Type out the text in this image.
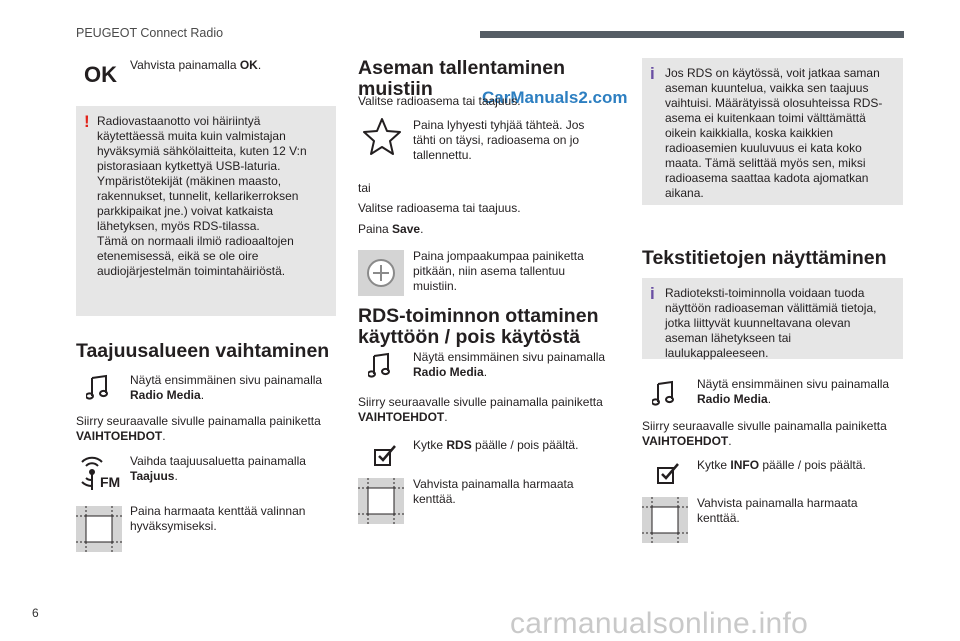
PEUGEOT Connect Radio
6
CarManuals2.com
carmanualsonline.info
OK Vahvista painamalla OK.
! Radiovastaanotto voi häiriintyä käytettäessä muita kuin valmistajan hyväksymiä sähkölaitteita, kuten 12 V:n pistorasiaan kytkettyä USB-laturia.
Ympäristötekijät (mäkinen maasto, rakennukset, tunnelit, kellarikerroksen parkkipaikat jne.) voivat katkaista lähetyksen, myös RDS-tilassa.
Tämä on normaali ilmiö radioaaltojen etenemisessä, eikä se ole oire audiojärjestelmän toimintahäiriöstä.
Taajuusalueen vaihtaminen
Näytä ensimmäinen sivu painamalla Radio Media.
Siirry seuraavalle sivulle painamalla painiketta VAIHTOEHDOT.
FM
Vaihda taajuusaluetta painamalla Taajuus.
Paina harmaata kenttää valinnan hyväksymiseksi.
Aseman tallentaminen muistiin
Valitse radioasema tai taajuus.
Paina lyhyesti tyhjää tähteä. Jos tähti on täysi, radioasema on jo tallennettu.
tai
Valitse radioasema tai taajuus.
Paina Save.
Paina jompaakumpaa painiketta pitkään, niin asema tallentuu muistiin.
RDS-toiminnon ottaminen käyttöön / pois käytöstä
Näytä ensimmäinen sivu painamalla Radio Media.
Siirry seuraavalle sivulle painamalla painiketta VAIHTOEHDOT.
Kytke RDS päälle / pois päältä.
Vahvista painamalla harmaata kenttää.
i Jos RDS on käytössä, voit jatkaa saman aseman kuuntelua, vaikka sen taajuus vaihtuisi. Määrätyissä olosuhteissa RDS-asema ei kuitenkaan toimi välttämättä oikein kaikkialla, koska kaikkien radioasemien kuuluvuus ei kata koko maata. Tämä selittää myös sen, miksi radioasema saattaa kadota ajomatkan aikana.
Tekstitietojen näyttäminen
i Radioteksti-toiminnolla voidaan tuoda näyttöön radioaseman välittämiä tietoja, jotka liittyvät kuunneltavana olevan aseman lähetykseen tai laulukappaleeseen.
Näytä ensimmäinen sivu painamalla Radio Media.
Siirry seuraavalle sivulle painamalla painiketta VAIHTOEHDOT.
Kytke INFO päälle / pois päältä.
Vahvista painamalla harmaata kenttää.
